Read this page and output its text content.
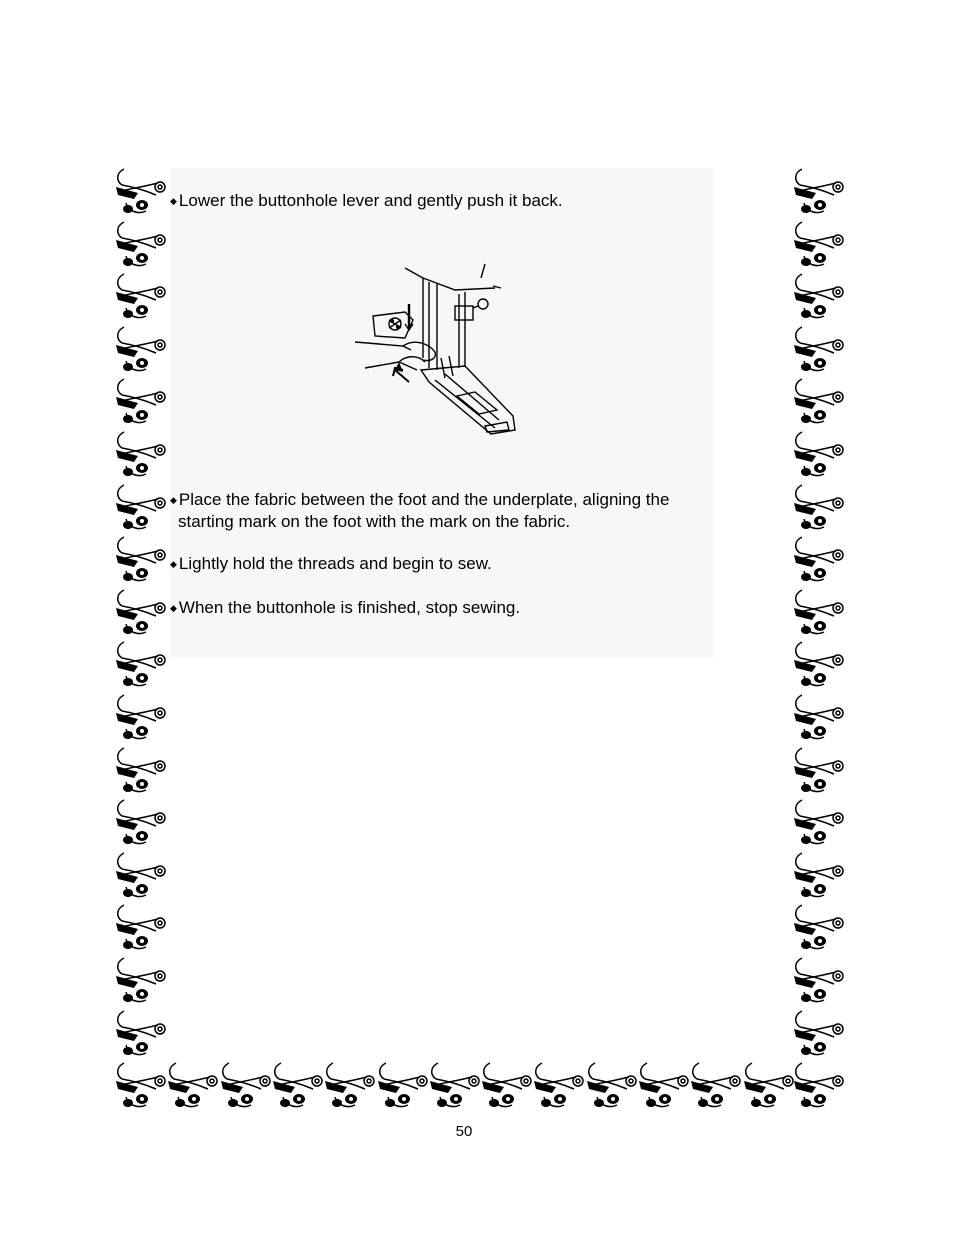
◆ Lower the buttonhole lever and gently push it back.

◆ Place the fabric between the foot and the underplate, aligning the
starting mark on the foot with the mark on the fabric.

◆ Lightly hold the threads and begin to sew.

◆ When the buttonhole is finished, stop sewing.

50
